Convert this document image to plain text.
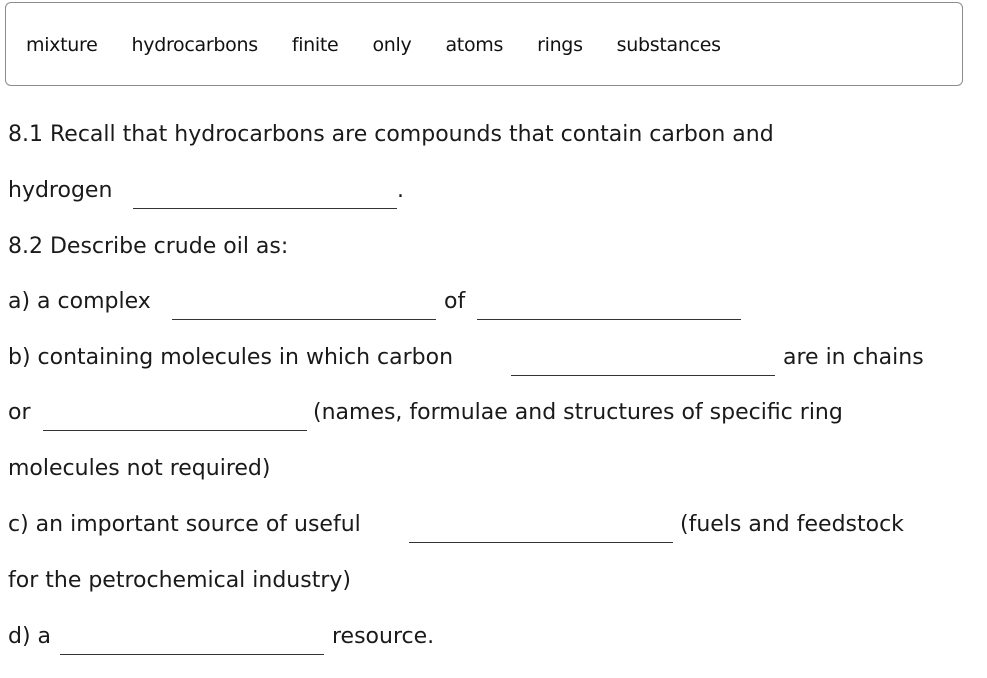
mixture hydrocarbons finite only atoms rings substances
8.1 Recall that hydrocarbons are compounds that contain carbon and
hydrogen	.
8.2 Describe crude oil as:
a) a complex	of
b) containing molecules in which carbon	are in chains
or	(names, formulae and structures of specific ring
molecules not required)
c) an important source of useful	(fuels and feedstock
for the petrochemical industry)
d) a	resource.
